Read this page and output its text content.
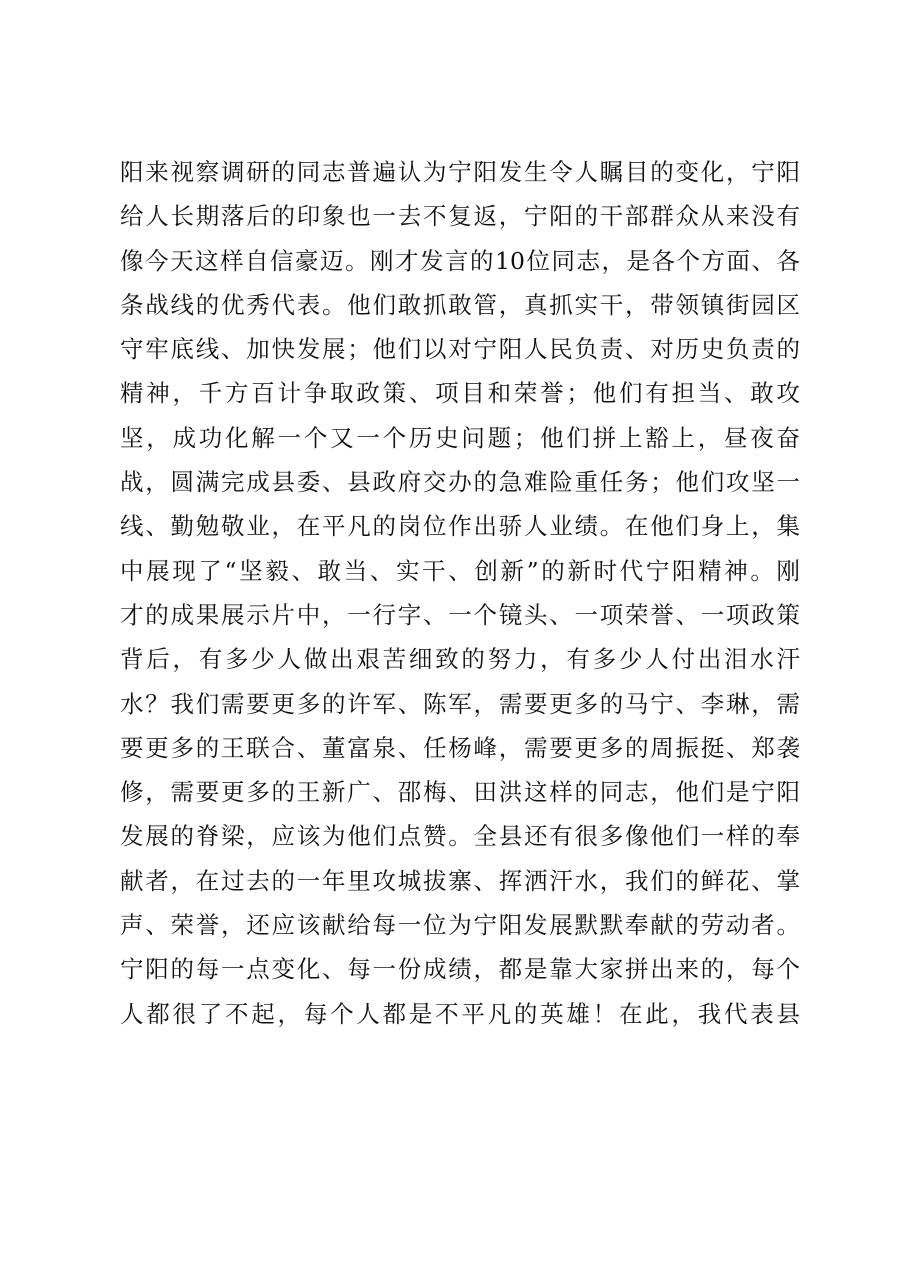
阳来视察调研的同志普遍认为宁阳发生令人瞩目的变化，宁阳
给人长期落后的印象也一去不复返，宁阳的干部群众从来没有
像今天这样自信豪迈。刚才发言的10位同志，是各个方面、各
条战线的优秀代表。他们敢抓敢管，真抓实干，带领镇街园区
守牢底线、加快发展；他们以对宁阳人民负责、对历史负责的
精神，千方百计争取政策、项目和荣誉；他们有担当、敢攻
坚，成功化解一个又一个历史问题；他们拼上豁上，昼夜奋
战，圆满完成县委、县政府交办的急难险重任务；他们攻坚一
线、勤勉敬业，在平凡的岗位作出骄人业绩。在他们身上，集
中展现了“坚毅、敢当、实干、创新”的新时代宁阳精神。刚
才的成果展示片中，一行字、一个镜头、一项荣誉、一项政策
背后，有多少人做出艰苦细致的努力，有多少人付出泪水汗
水？我们需要更多的许军、陈军，需要更多的马宁、李琳，需
要更多的王联合、董富泉、任杨峰，需要更多的周振挺、郑袭
修，需要更多的王新广、邵梅、田洪这样的同志，他们是宁阳
发展的脊梁，应该为他们点赞。全县还有很多像他们一样的奉
献者，在过去的一年里攻城拔寨、挥洒汗水，我们的鲜花、掌
声、荣誉，还应该献给每一位为宁阳发展默默奉献的劳动者。
宁阳的每一点变化、每一份成绩，都是靠大家拼出来的，每个
人都很了不起，每个人都是不平凡的英雄！在此，我代表县
